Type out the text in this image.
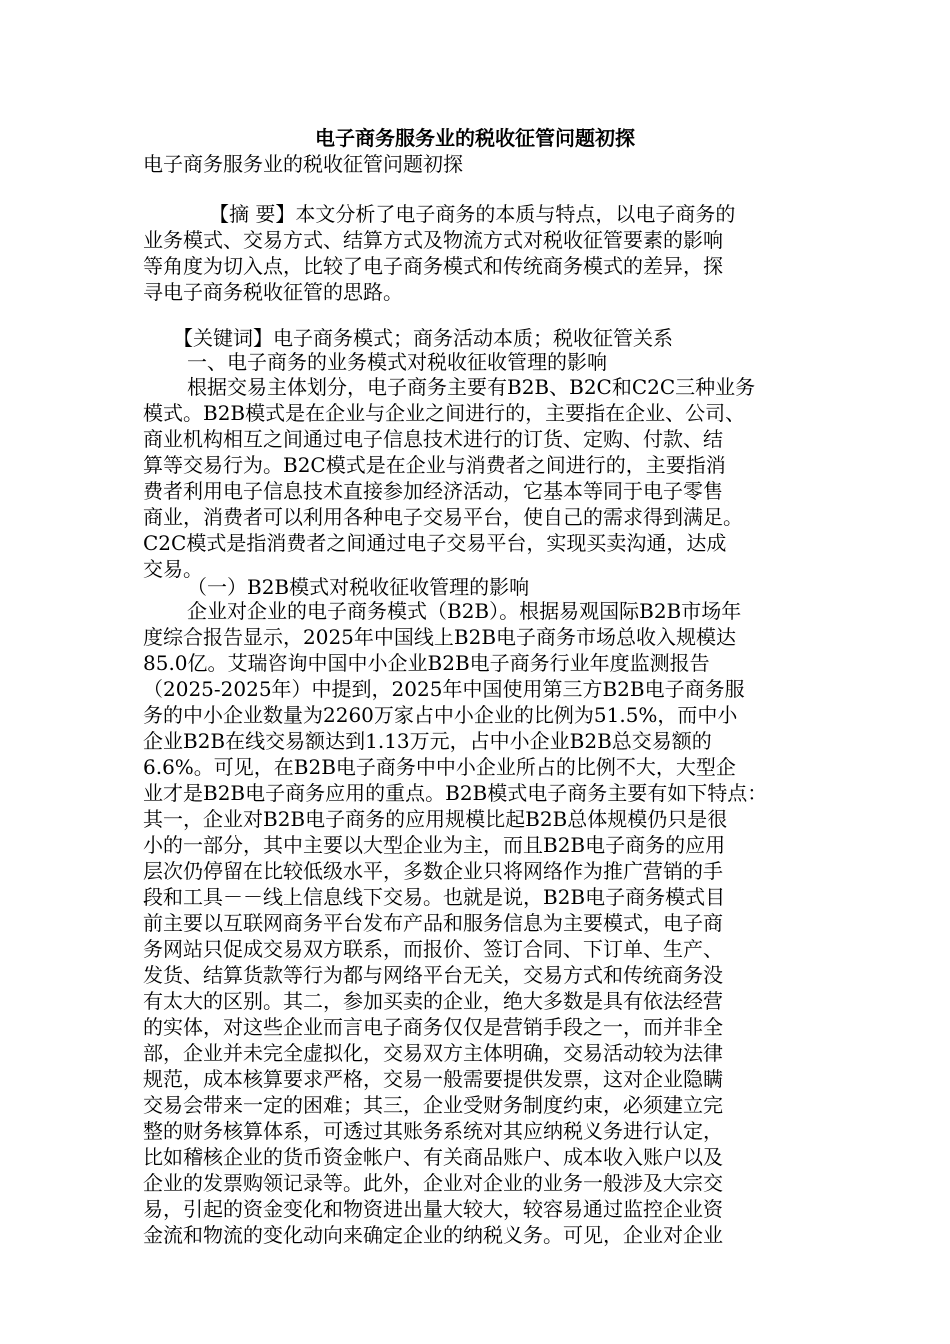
电子商务服务业的税收征管问题初探
电子商务服务业的税收征管问题初探
【摘 要】本文分析了电子商务的本质与特点，以电子商务的
业务模式、交易方式、结算方式及物流方式对税收征管要素的影响
等角度为切入点，比较了电子商务模式和传统商务模式的差异，探
寻电子商务税收征管的思路。
【关键词】电子商务模式；商务活动本质；税收征管关系
一、电子商务的业务模式对税收征收管理的影响
根据交易主体划分，电子商务主要有B2B、B2C和C2C三种业务
模式。B2B模式是在企业与企业之间进行的，主要指在企业、公司、
商业机构相互之间通过电子信息技术进行的订货、定购、付款、结
算等交易行为。B2C模式是在企业与消费者之间进行的，主要指消
费者利用电子信息技术直接参加经济活动，它基本等同于电子零售
商业，消费者可以利用各种电子交易平台，使自己的需求得到满足。
C2C模式是指消费者之间通过电子交易平台，实现买卖沟通，达成
交易。
（一）B2B模式对税收征收管理的影响
企业对企业的电子商务模式（B2B）。根据易观国际B2B市场年
度综合报告显示，2025年中国线上B2B电子商务市场总收入规模达
85.0亿。艾瑞咨询中国中小企业B2B电子商务行业年度监测报告
（2025-2025年）中提到，2025年中国使用第三方B2B电子商务服
务的中小企业数量为2260万家占中小企业的比例为51.5%，而中小
企业B2B在线交易额达到1.13万元，占中小企业B2B总交易额的
6.6%。可见，在B2B电子商务中中小企业所占的比例不大，大型企
业才是B2B电子商务应用的重点。B2B模式电子商务主要有如下特点：
其一，企业对B2B电子商务的应用规模比起B2B总体规模仍只是很
小的一部分，其中主要以大型企业为主，而且B2B电子商务的应用
层次仍停留在比较低级水平，多数企业只将网络作为推广营销的手
段和工具－－线上信息线下交易。也就是说，B2B电子商务模式目
前主要以互联网商务平台发布产品和服务信息为主要模式，电子商
务网站只促成交易双方联系，而报价、签订合同、下订单、生产、
发货、结算货款等行为都与网络平台无关，交易方式和传统商务没
有太大的区别。其二，参加买卖的企业，绝大多数是具有依法经营
的实体，对这些企业而言电子商务仅仅是营销手段之一，而并非全
部，企业并未完全虚拟化，交易双方主体明确，交易活动较为法律
规范，成本核算要求严格，交易一般需要提供发票，这对企业隐瞒
交易会带来一定的困难；其三，企业受财务制度约束，必须建立完
整的财务核算体系，可透过其账务系统对其应纳税义务进行认定，
比如稽核企业的货币资金帐户、有关商品账户、成本收入账户以及
企业的发票购领记录等。此外，企业对企业的业务一般涉及大宗交
易，引起的资金变化和物资进出量大较大，较容易通过监控企业资
金流和物流的变化动向来确定企业的纳税义务。可见，企业对企业
